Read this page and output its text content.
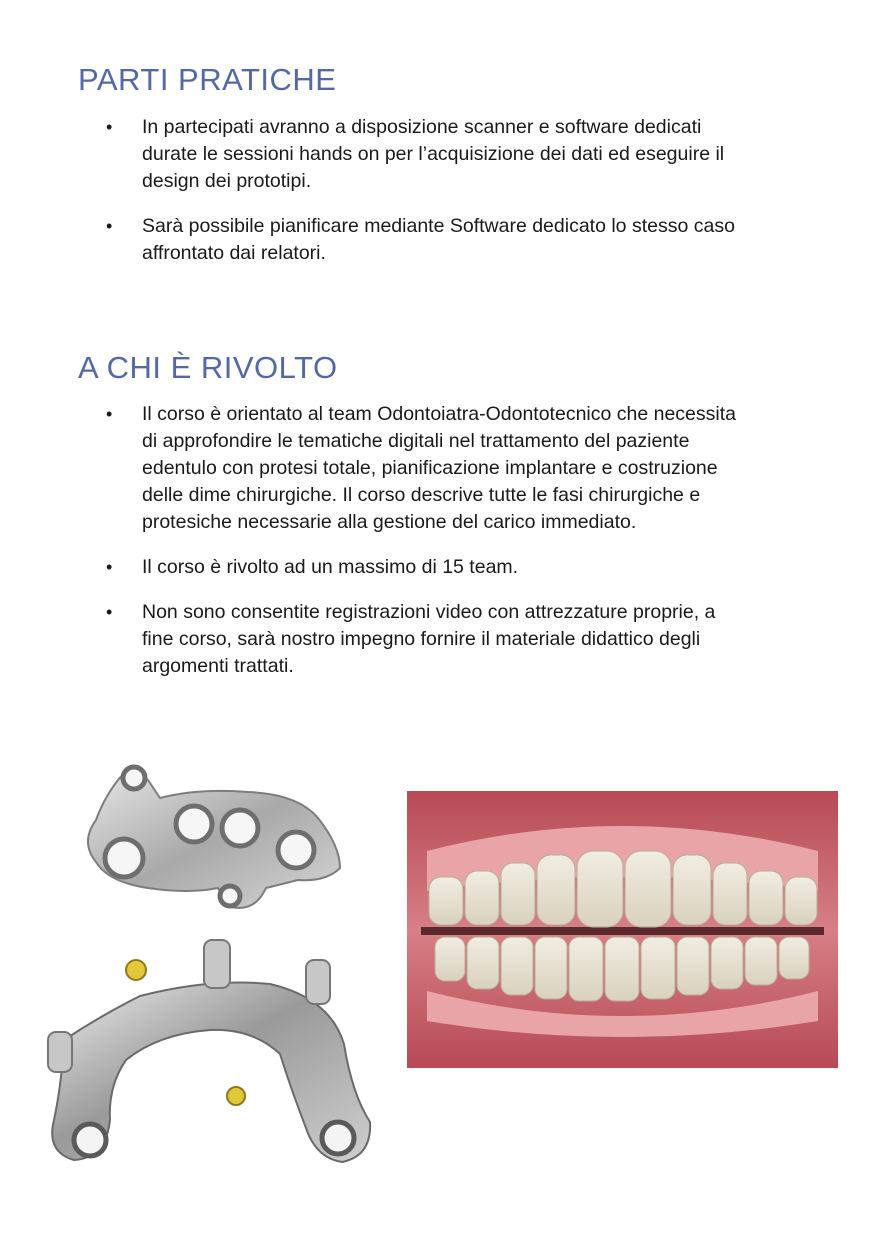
PARTI PRATICHE
• In partecipati avranno a disposizione scanner e software dedicati durate le sessioni hands on per l’acquisizione dei dati ed eseguire il design dei prototipi.
• Sarà possibile pianificare mediante Software dedicato lo stesso caso affrontato dai relatori.
A CHI È RIVOLTO
• Il corso è orientato al team Odontoiatra-Odontotecnico che necessita di approfondire le tematiche digitali nel trattamento del paziente edentulo con protesi totale, pianificazione implantare e costruzione delle dime chirurgiche. Il corso descrive tutte le fasi chirurgiche e protesiche necessarie alla gestione del carico immediato.
• Il corso è rivolto ad un massimo di 15 team.
• Non sono consentite registrazioni video con attrezzature proprie, a fine corso, sarà nostro impegno fornire il materiale didattico degli argomenti trattati.
